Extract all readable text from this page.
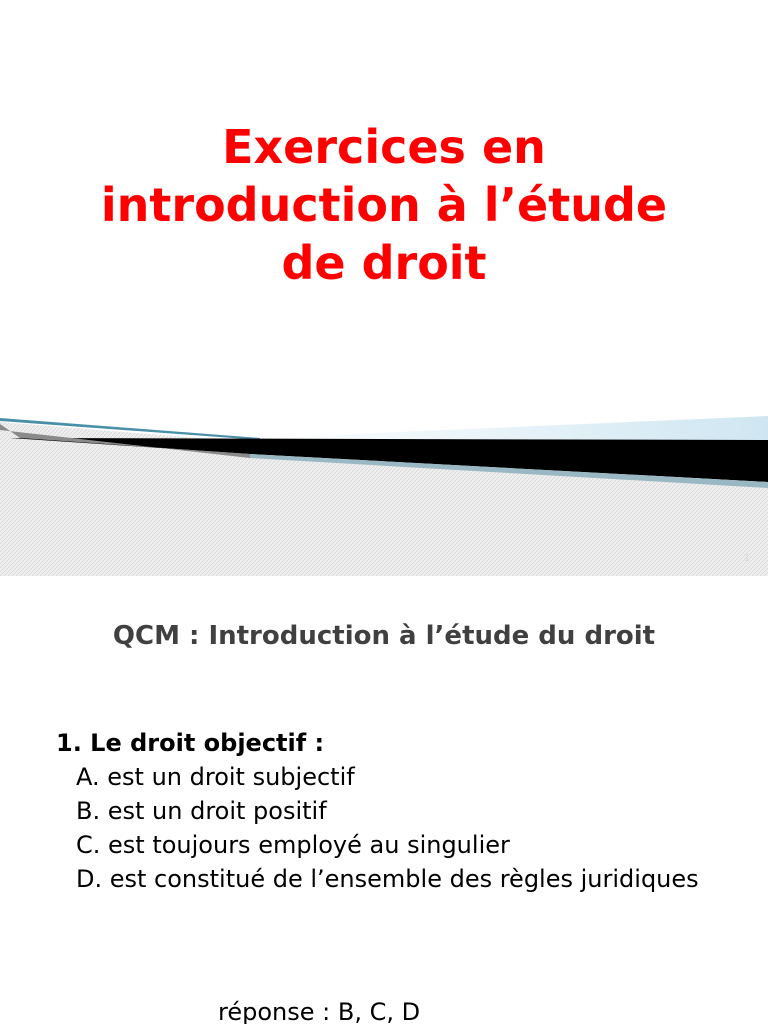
Exercices en
introduction à l’étude
de droit
1
QCM : Introduction à l’étude du droit
1. Le droit objectif :
A. est un droit subjectif
B. est un droit positif
C. est toujours employé au singulier
D. est constitué de l’ensemble des règles juridiques
réponse : B, C, D
